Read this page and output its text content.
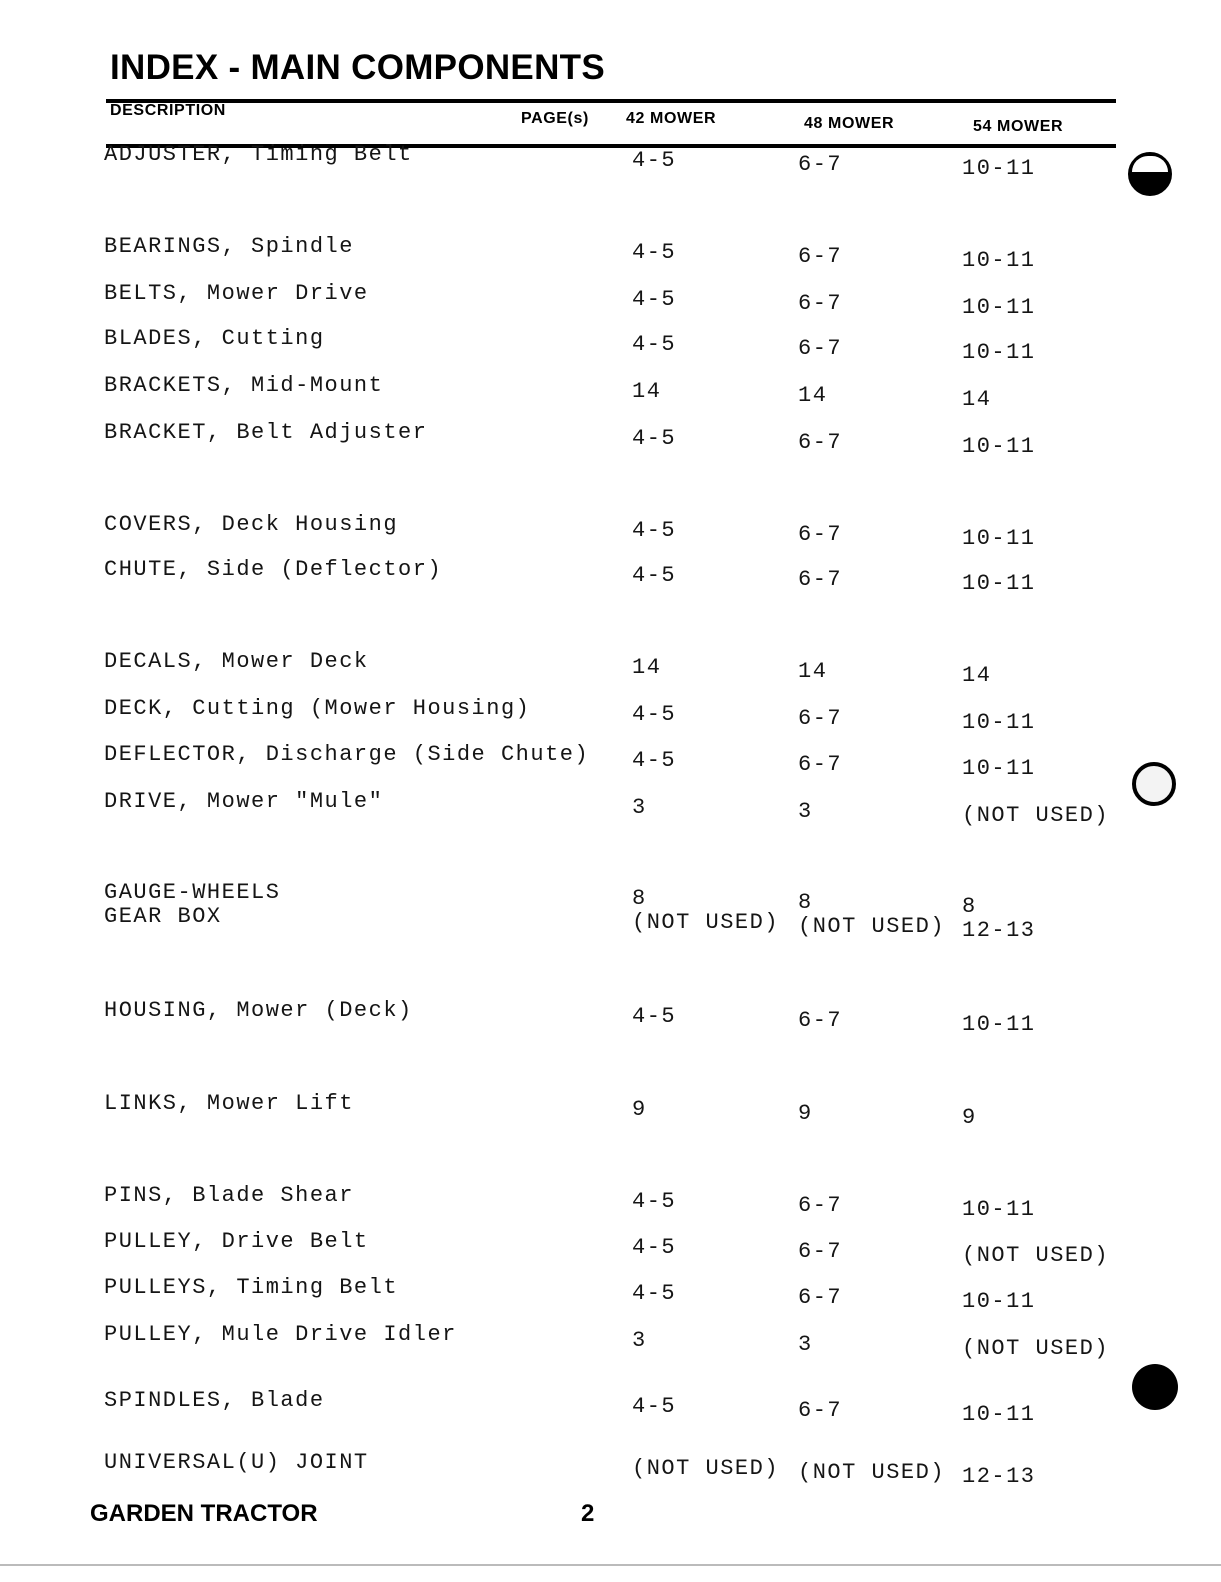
INDEX - MAIN COMPONENTS
DESCRIPTION	PAGE(s) 42 MOWER	48 MOWER	54 MOWER
ADJUSTER, Timing Belt	4-5	6-7	10-11
BEARINGS, Spindle	4-5	6-7	10-11
BELTS, Mower Drive	4-5	6-7	10-11
BLADES, Cutting	4-5	6-7	10-11
BRACKETS, Mid-Mount	14	14	14
BRACKET, Belt Adjuster	4-5	6-7	10-11
COVERS, Deck Housing	4-5	6-7	10-11
CHUTE, Side (Deflector)	4-5	6-7	10-11
DECALS, Mower Deck	14	14	14
DECK, Cutting (Mower Housing)	4-5	6-7	10-11
DEFLECTOR, Discharge (Side Chute) 4-5	6-7	10-11
DRIVE, Mower "Mule"	3	3	(NOT USED)
GAUGE-WHEELS	8	8	8
GEAR BOX	(NOT USED) (NOT USED) 12-13
HOUSING, Mower (Deck)	4-5	6-7	10-11
LINKS, Mower Lift	9	9	9
PINS, Blade Shear	4-5	6-7	10-11
PULLEY, Drive Belt	4-5	6-7	(NOT USED)
PULLEYS, Timing Belt	4-5	6-7	10-11
PULLEY, Mule Drive Idler	3	3	(NOT USED)
SPINDLES, Blade	4-5	6-7	10-11
UNIVERSAL(U) JOINT	(NOT USED) (NOT USED) 12-13
GARDEN TRACTOR	2
